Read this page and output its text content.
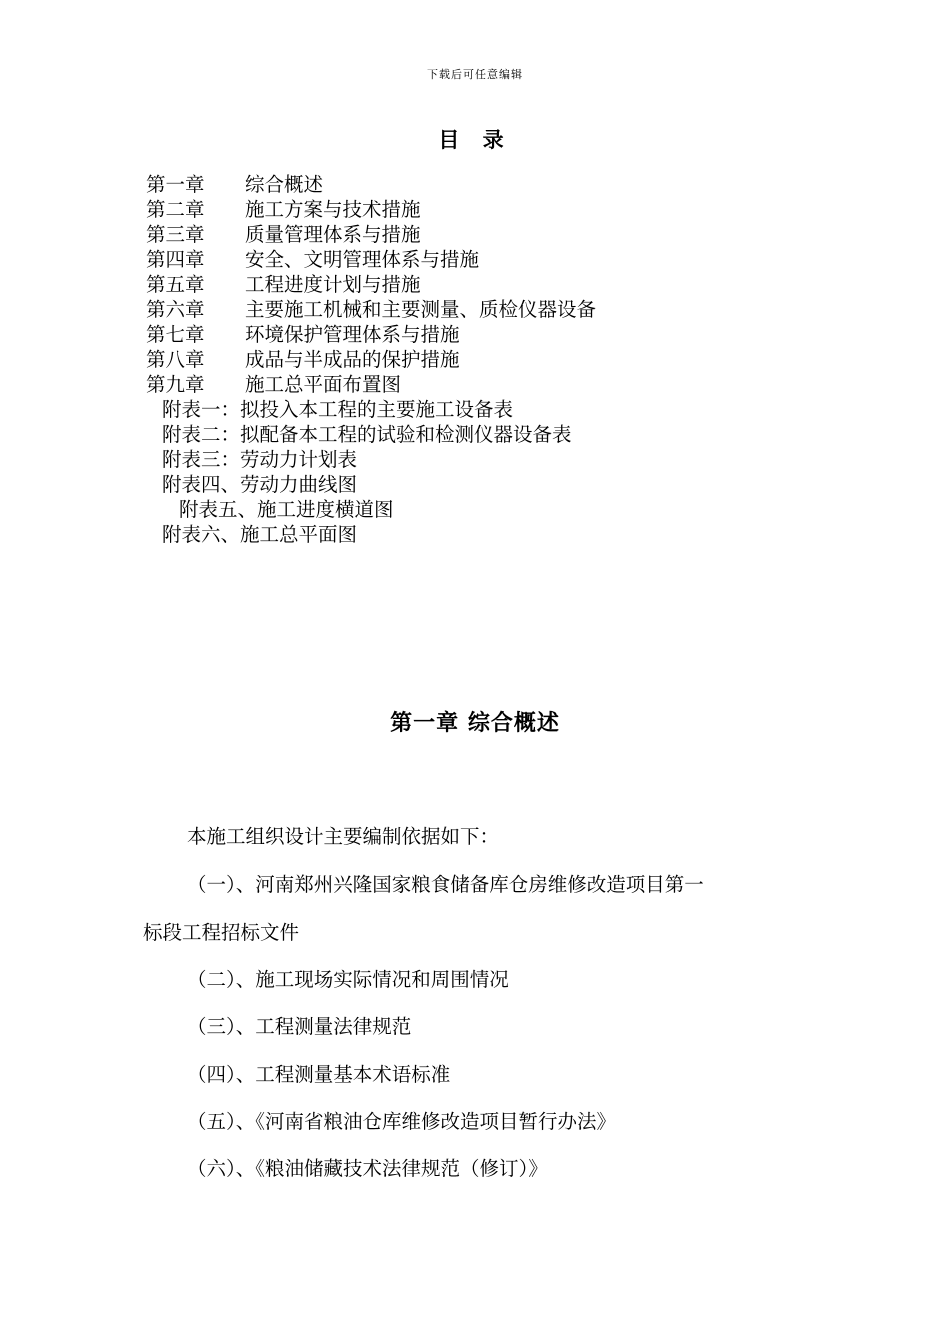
下载后可任意编辑
目 录
第一章 综合概述
第二章 施工方案与技术措施
第三章 质量管理体系与措施
第四章 安全、文明管理体系与措施
第五章 工程进度计划与措施
第六章 主要施工机械和主要测量、质检仪器设备
第七章 环境保护管理体系与措施
第八章 成品与半成品的保护措施
第九章 施工总平面布置图
附表一：拟投入本工程的主要施工设备表
附表二：拟配备本工程的试验和检测仪器设备表
附表三：劳动力计划表
附表四、劳动力曲线图
附表五、施工进度横道图
附表六、施工总平面图
第一章 综合概述
本施工组织设计主要编制依据如下：
（一）、河南郑州兴隆国家粮食储备库仓房维修改造项目第一
标段工程招标文件
（二）、施工现场实际情况和周围情况
（三）、工程测量法律规范
（四）、工程测量基本术语标准
（五）、《河南省粮油仓库维修改造项目暂行办法》
（六）、《粮油储藏技术法律规范（修订）》
